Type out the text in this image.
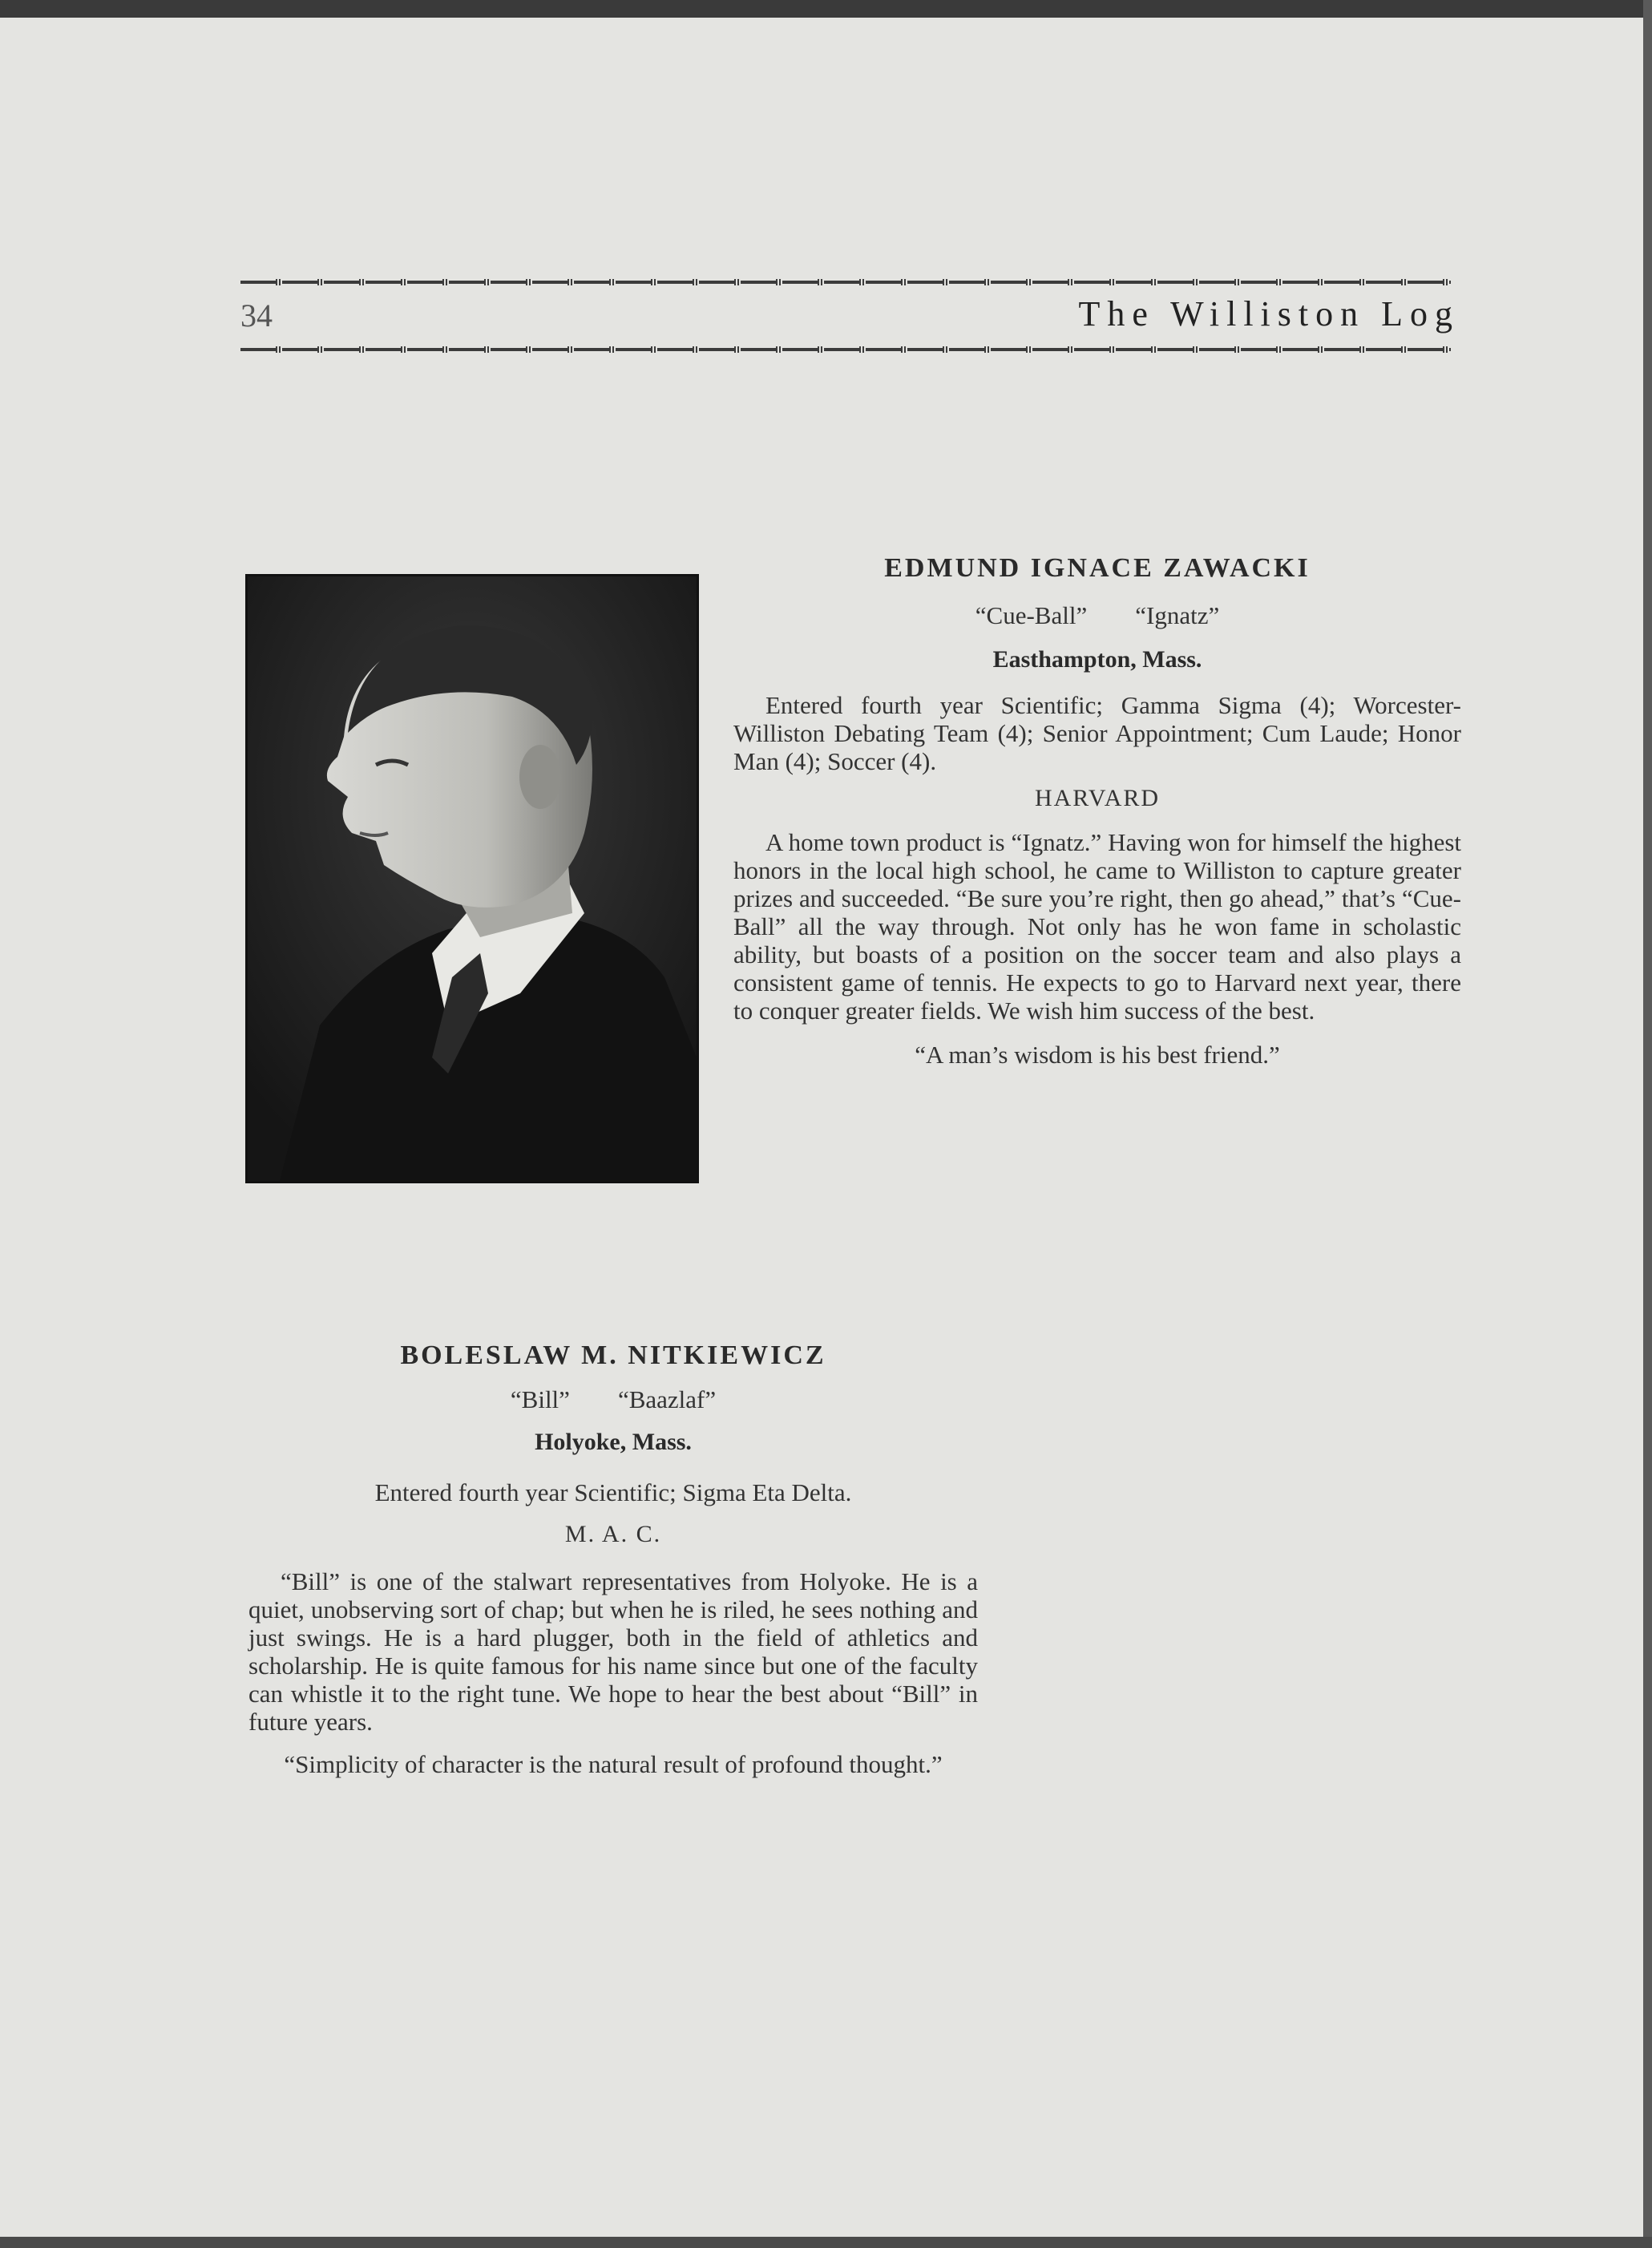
34	The Williston Log
EDMUND IGNACE ZAWACKI
“Cue-Ball” “Ignatz”
Easthampton, Mass.
Entered fourth year Scientific; Gamma Sigma (4); Worcester-Williston Debating Team (4); Senior Appointment; Cum Laude; Honor Man (4); Soccer (4).
HARVARD
A home town product is “Ignatz.” Having won for himself the highest honors in the local high school, he came to Williston to capture greater prizes and succeeded. “Be sure you’re right, then go ahead,” that’s “Cue-Ball” all the way through. Not only has he won fame in scholastic ability, but boasts of a position on the soccer team and also plays a consistent game of tennis. He expects to go to Harvard next year, there to conquer greater fields. We wish him success of the best.
“A man’s wisdom is his best friend.”
BOLESLAW M. NITKIEWICZ
“Bill” “Baazlaf”
Holyoke, Mass.
Entered fourth year Scientific; Sigma Eta Delta.
M. A. C.
“Bill” is one of the stalwart representatives from Holyoke. He is a quiet, unobserving sort of chap; but when he is riled, he sees nothing and just swings. He is a hard plugger, both in the field of athletics and scholarship. He is quite famous for his name since but one of the faculty can whistle it to the right tune. We hope to hear the best about “Bill” in future years.
“Simplicity of character is the natural result of profound thought.”
